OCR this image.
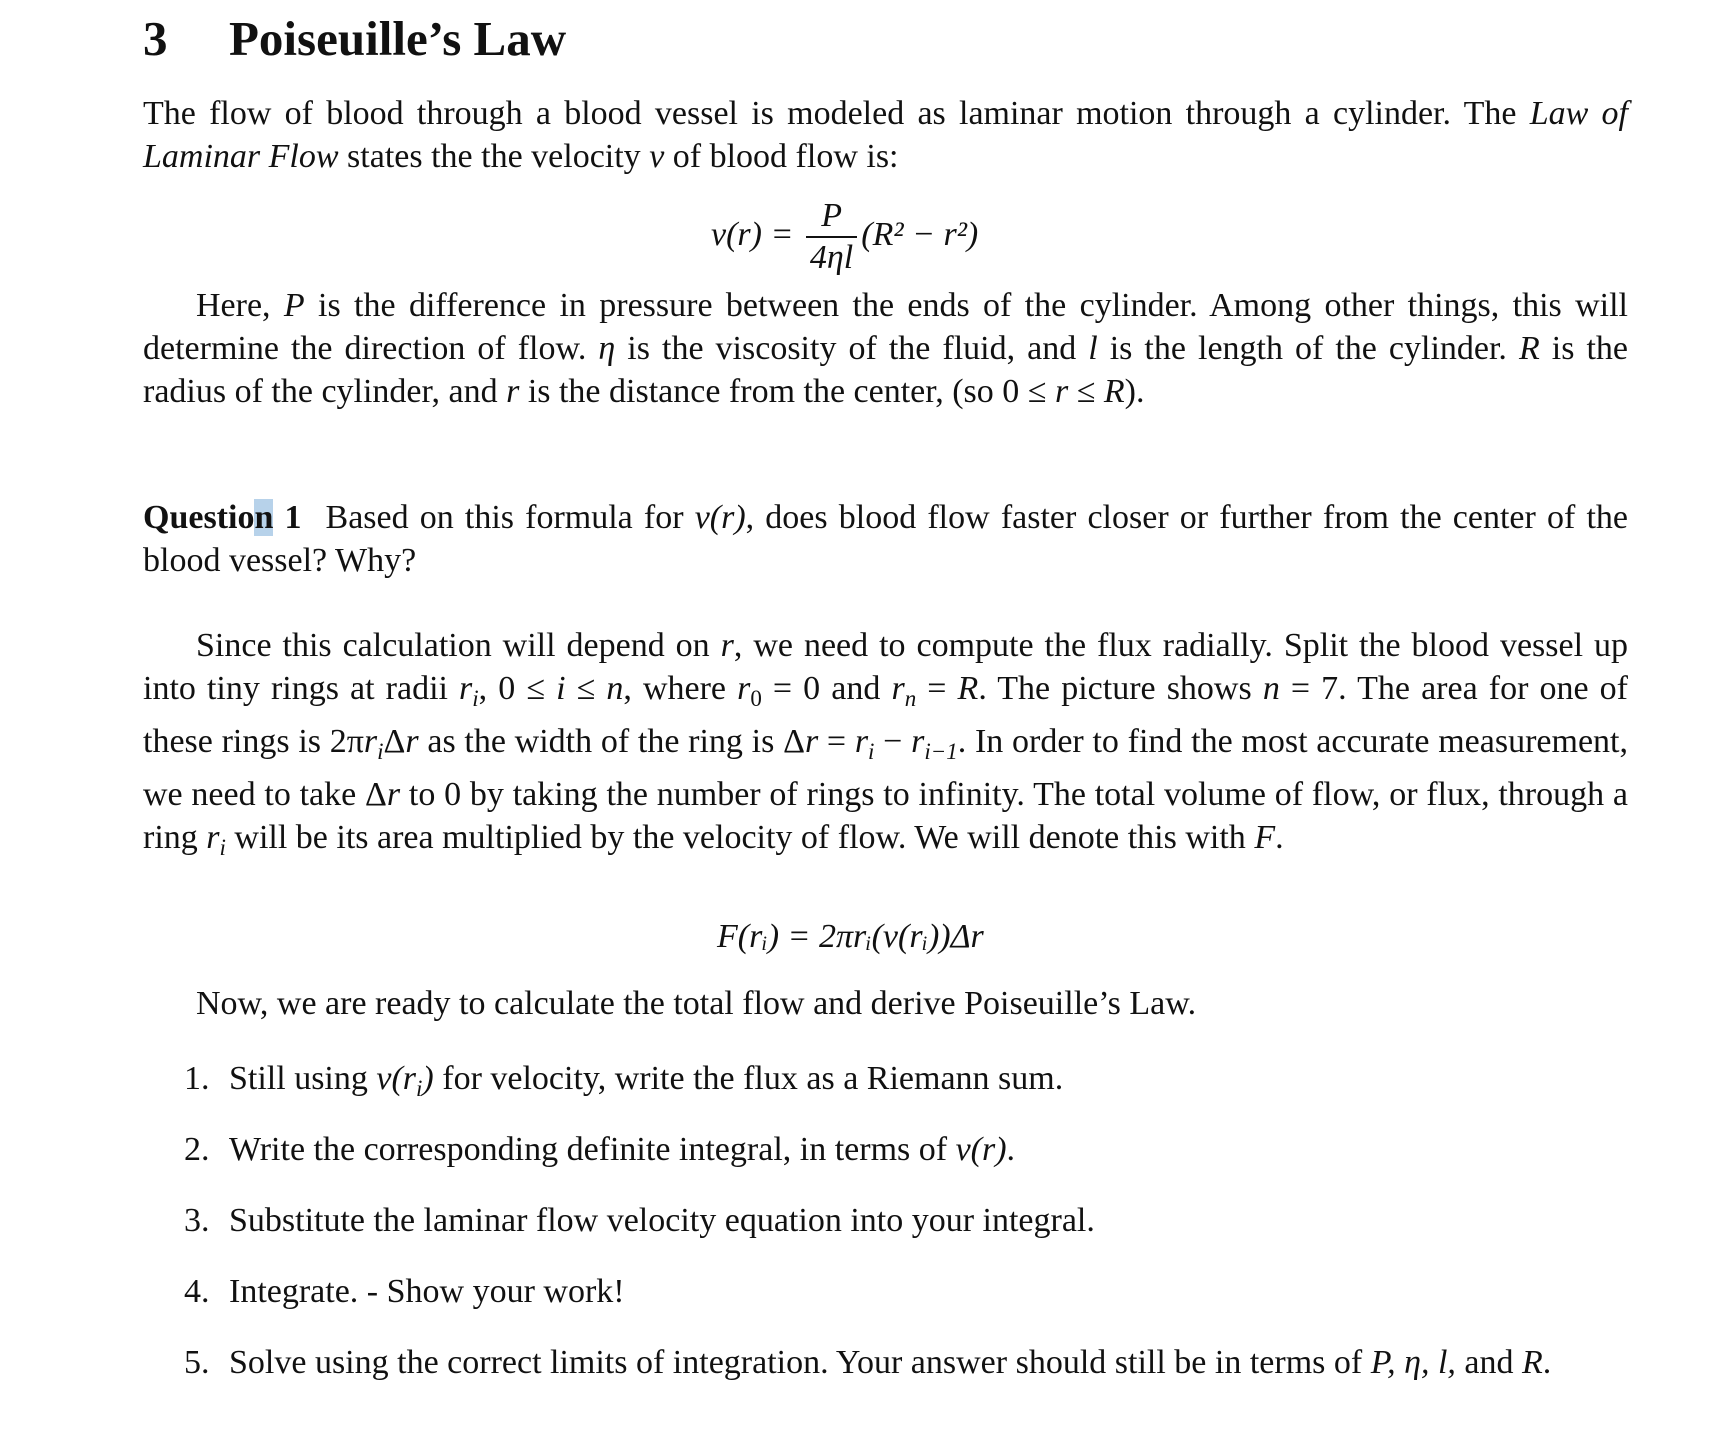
3 Poiseuille’s Law
The flow of blood through a blood vessel is modeled as laminar motion through a cylinder. The Law of Laminar Flow states the the velocity v of blood flow is:
$v(r) = \frac{P}{4\eta l} (R^2 - r^2)$
Here, P is the difference in pressure between the ends of the cylinder. Among other things, this will determine the direction of flow. η is the viscosity of the fluid, and l is the length of the cylinder. R is the radius of the cylinder, and r is the distance from the center, (so 0 ≤ r ≤ R).
Question 1 Based on this formula for v(r), does blood flow faster closer or further from the center of the blood vessel? Why?
Since this calculation will depend on r, we need to compute the flux radially. Split the blood vessel up into tiny rings at radii $r_i$, 0 ≤ i ≤ n, where $r_0 = 0$ and $r_n = R$. The picture shows n = 7. The area for one of these rings is $2\pi r_i\Delta r$ as the width of the ring is $\Delta r = r_i - r_{i-1}$. In order to find the most accurate measurement, we need to take Δr to 0 by taking the number of rings to infinity. The total volume of flow, or flux, through a ring $r_i$ will be its area multiplied by the velocity of flow. We will denote this with F.
F(rᵢ) = 2πrᵢ(v(rᵢ))Δr
Now, we are ready to calculate the total flow and derive Poiseuille’s Law.
1. Still using $v(r_i)$ for velocity, write the flux as a Riemann sum.
2. Write the corresponding definite integral, in terms of v(r).
3. Substitute the laminar flow velocity equation into your integral.
4. Integrate. - Show your work!
5. Solve using the correct limits of integration. Your answer should still be in terms of P, η, l, and R.
